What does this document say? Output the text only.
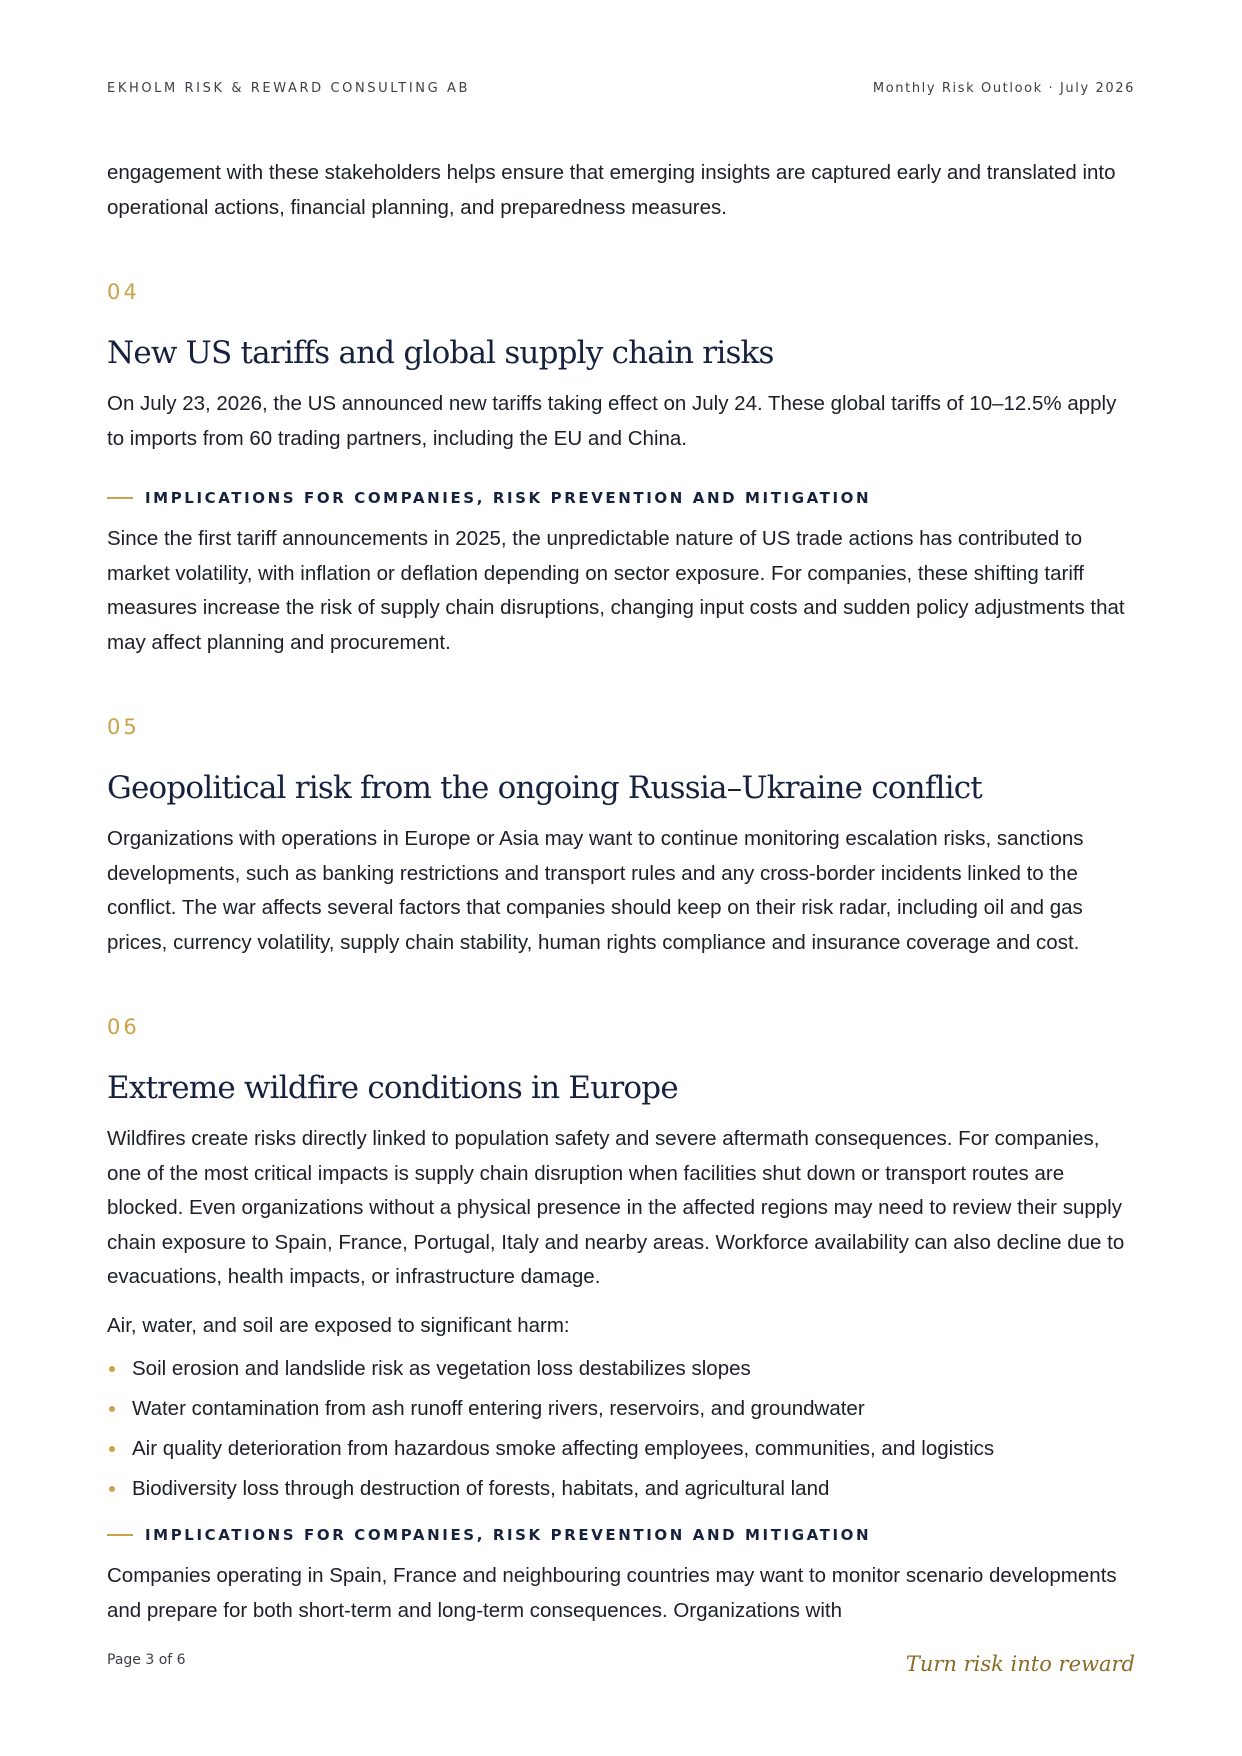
EKHOLM RISK & REWARD CONSULTING AB	Monthly Risk Outlook · July 2026

engagement with these stakeholders helps ensure that emerging insights are captured early and translated into operational actions, financial planning, and preparedness measures.

04
New US tariffs and global supply chain risks

On July 23, 2026, the US announced new tariffs taking effect on July 24. These global tariffs of 10–12.5% apply to imports from 60 trading partners, including the EU and China.

IMPLICATIONS FOR COMPANIES, RISK PREVENTION AND MITIGATION

Since the first tariff announcements in 2025, the unpredictable nature of US trade actions has contributed to market volatility, with inflation or deflation depending on sector exposure. For companies, these shifting tariff measures increase the risk of supply chain disruptions, changing input costs and sudden policy adjustments that may affect planning and procurement.

05
Geopolitical risk from the ongoing Russia–Ukraine conflict

Organizations with operations in Europe or Asia may want to continue monitoring escalation risks, sanctions developments, such as banking restrictions and transport rules and any cross-border incidents linked to the conflict. The war affects several factors that companies should keep on their risk radar, including oil and gas prices, currency volatility, supply chain stability, human rights compliance and insurance coverage and cost.

06
Extreme wildfire conditions in Europe

Wildfires create risks directly linked to population safety and severe aftermath consequences. For companies, one of the most critical impacts is supply chain disruption when facilities shut down or transport routes are blocked. Even organizations without a physical presence in the affected regions may need to review their supply chain exposure to Spain, France, Portugal, Italy and nearby areas. Workforce availability can also decline due to evacuations, health impacts, or infrastructure damage.

Air, water, and soil are exposed to significant harm:

Soil erosion and landslide risk as vegetation loss destabilizes slopes
Water contamination from ash runoff entering rivers, reservoirs, and groundwater
Air quality deterioration from hazardous smoke affecting employees, communities, and logistics
Biodiversity loss through destruction of forests, habitats, and agricultural land
IMPLICATIONS FOR COMPANIES, RISK PREVENTION AND MITIGATION

Companies operating in Spain, France and neighbouring countries may want to monitor scenario developments and prepare for both short-term and long-term consequences. Organizations with

Page 3 of 6	Turn risk into reward
